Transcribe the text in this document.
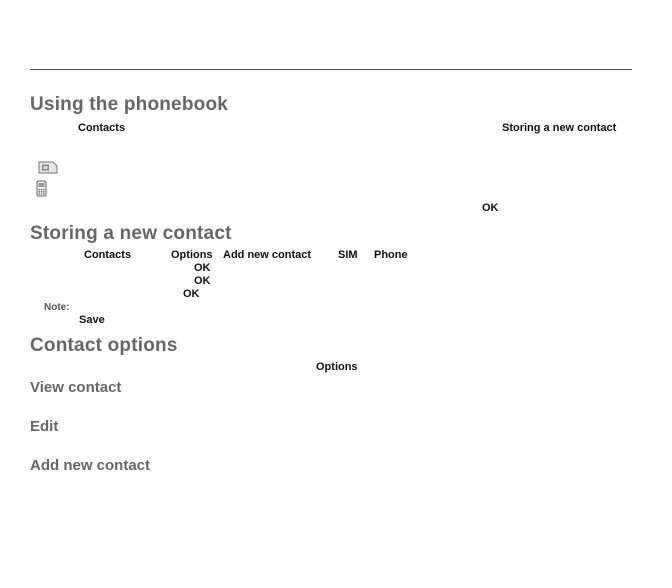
Using the phonebook
Contacts	Storing a new contact
OK
Storing a new contact
Contacts	Options Add new contact SIM Phone
OK
OK
OK
Note:
Save
Contact options
Options
View contact
Edit
Add new contact
